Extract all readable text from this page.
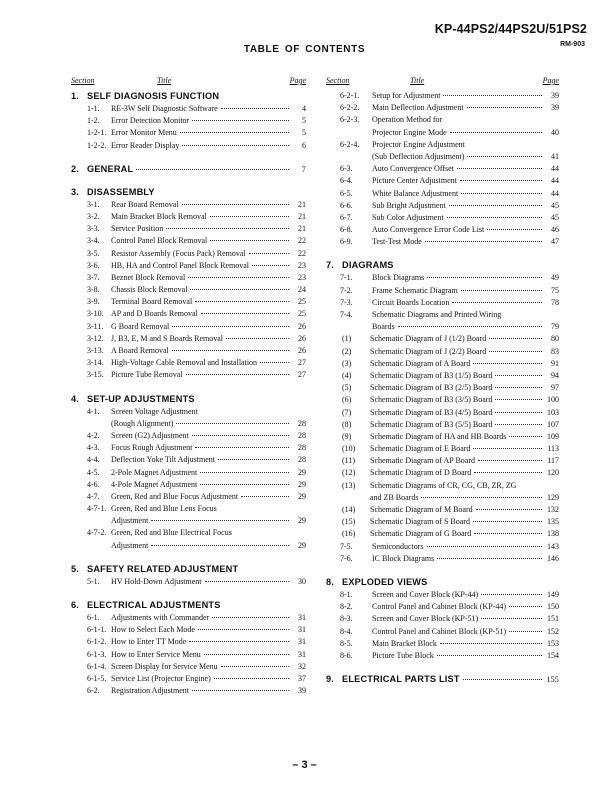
KP-44PS2/44PS2U/51PS2
RM-903
TABLE OF CONTENTS
Section	Title	Page
1. SELF DIAGNOSIS FUNCTION
1-1.	RE-3W Self Diagnostic Software	4
1-2.	Error Detection Monitor	5
1-2-1. Error Monitor Menu	5
1-2-2. Error Reader Display	6
2. GENERAL	7
3. DISASSEMBLY
3-1.	Rear Board Removal	21
3-2.	Main Bracket Block Removal	21
3-3.	Service Position	21
3-4.	Control Panel Block Removal	22
3-5.	Resistor Assembly (Focus Pack) Removal	22
3-6.	HB, HA and Control Panel Block Removal	23
3-7.	Beznet Block Removal	23
3-8.	Chassis Block Removal	24
3-9.	Terminal Board Removal	25
3-10. AP and D Boards Removal	25
3-11. G Board Removal	26
3-12. J, B3, E, M and S Boards Removal	26
3-13. A Board Removal	26
3-14. High-Voltage Cable Removal and Installation	27
3-15. Picture Tube Removal	27
4. SET-UP ADJUSTMENTS
4-1.	Screen Voltage Adjustment
(Rough Alignment)	28
4-2.	Screen (G2) Adjustment	28
4-3.	Focus Rough Adjustment	28
4-4.	Deflection Yoke Tilt Adjustment	28
4-5.	2-Pole Magnet Adjustment	29
4-6.	4-Pole Magnet Adjustment	29
4-7.	Green, Red and Blue Focus Adjustment	29
4-7-1. Green, Red and Blue Lens Focus
Adjustment	29
4-7-2. Green, Red and Blue Electrical Focus
Adjustment	29
5. SAFETY RELATED ADJUSTMENT
5-1.	HV Hold-Down Adjustment	30
6. ELECTRICAL ADJUSTMENTS
6-1.	Adjustments with Commander	31
6-1-1. How to Select Each Mode	31
6-1-2. How to Enter TT Mode	31
6-1-3. How to Enter Service Menu	31
6-1-4. Screen Display for Service Menu	32
6-1-5. Service List (Projector Engine)	37
6-2.	Registration Adjustment	39
Section	Title	Page
6-2-1.	Setup for Adjustment	39
6-2-2.	Main Deflection Adjustment	39
6-2-3.	Operation Method for
Projector Engine Mode	40
6-2-4.	Projector Engine Adjustment
(Sub Deflection Adjustment)	41
6-3.	Auto Convergence Offset	44
6-4.	Picture Center Adjustment	44
6-5.	White Balance Adjustment	44
6-6.	Sub Bright Adjustment	45
6-7.	Sub Color Adjustment	45
6-8.	Auto Convergence Error Code List	46
6-9.	Test-Test Mode	47
7. DIAGRAMS
7-1.	Block Diagrams	49
7-2.	Frame Schematic Diagram	75
7-3.	Circuit Boards Location	78
7-4.	Schematic Diagrams and Printed Wiring
Boards	79
(1)	Schematic Diagram of J (1/2) Board	80
(2)	Schematic Diagram of J (2/2) Board	83
(3)	Schematic Diagram of A Board	91
(4)	Schematic Diagram of B3 (1/5) Board	94
(5)	Schematic Diagram of B3 (2/5) Board	97
(6)	Schematic Diagram of B3 (3/5) Board	100
(7)	Schematic Diagram of B3 (4/5) Board	103
(8)	Schematic Diagram of B3 (5/5) Board	107
(9)	Schematic Diagram of HA and HB Boards	109
(10)	Schematic Diagram of E Board	113
(11)	Schematic Diagram of AP Board	117
(12)	Schematic Diagram of D Board	120
(13)	Schematic Diagrams of CR, CG, CB, ZR, ZG
and ZB Boards	129
(14)	Schematic Diagram of M Board	132
(15)	Schematic Diagram of S Board	135
(16)	Schematic Diagram of G Board	138
7-5.	Semiconductors	143
7-6.	IC Block Diagrams	146
8. EXPLODED VIEWS
8-1.	Screen and Cover Block (KP-44)	149
8-2.	Control Panel and Cabinet Block (KP-44)	150
8-3.	Screen and Cover Block (KP-51)	151
8-4.	Control Panel and Cabinet Block (KP-51)	152
8-5.	Main Bracket Block	153
8-6.	Picture Tube Block	154
9. ELECTRICAL PARTS LIST	155
– 3 –
